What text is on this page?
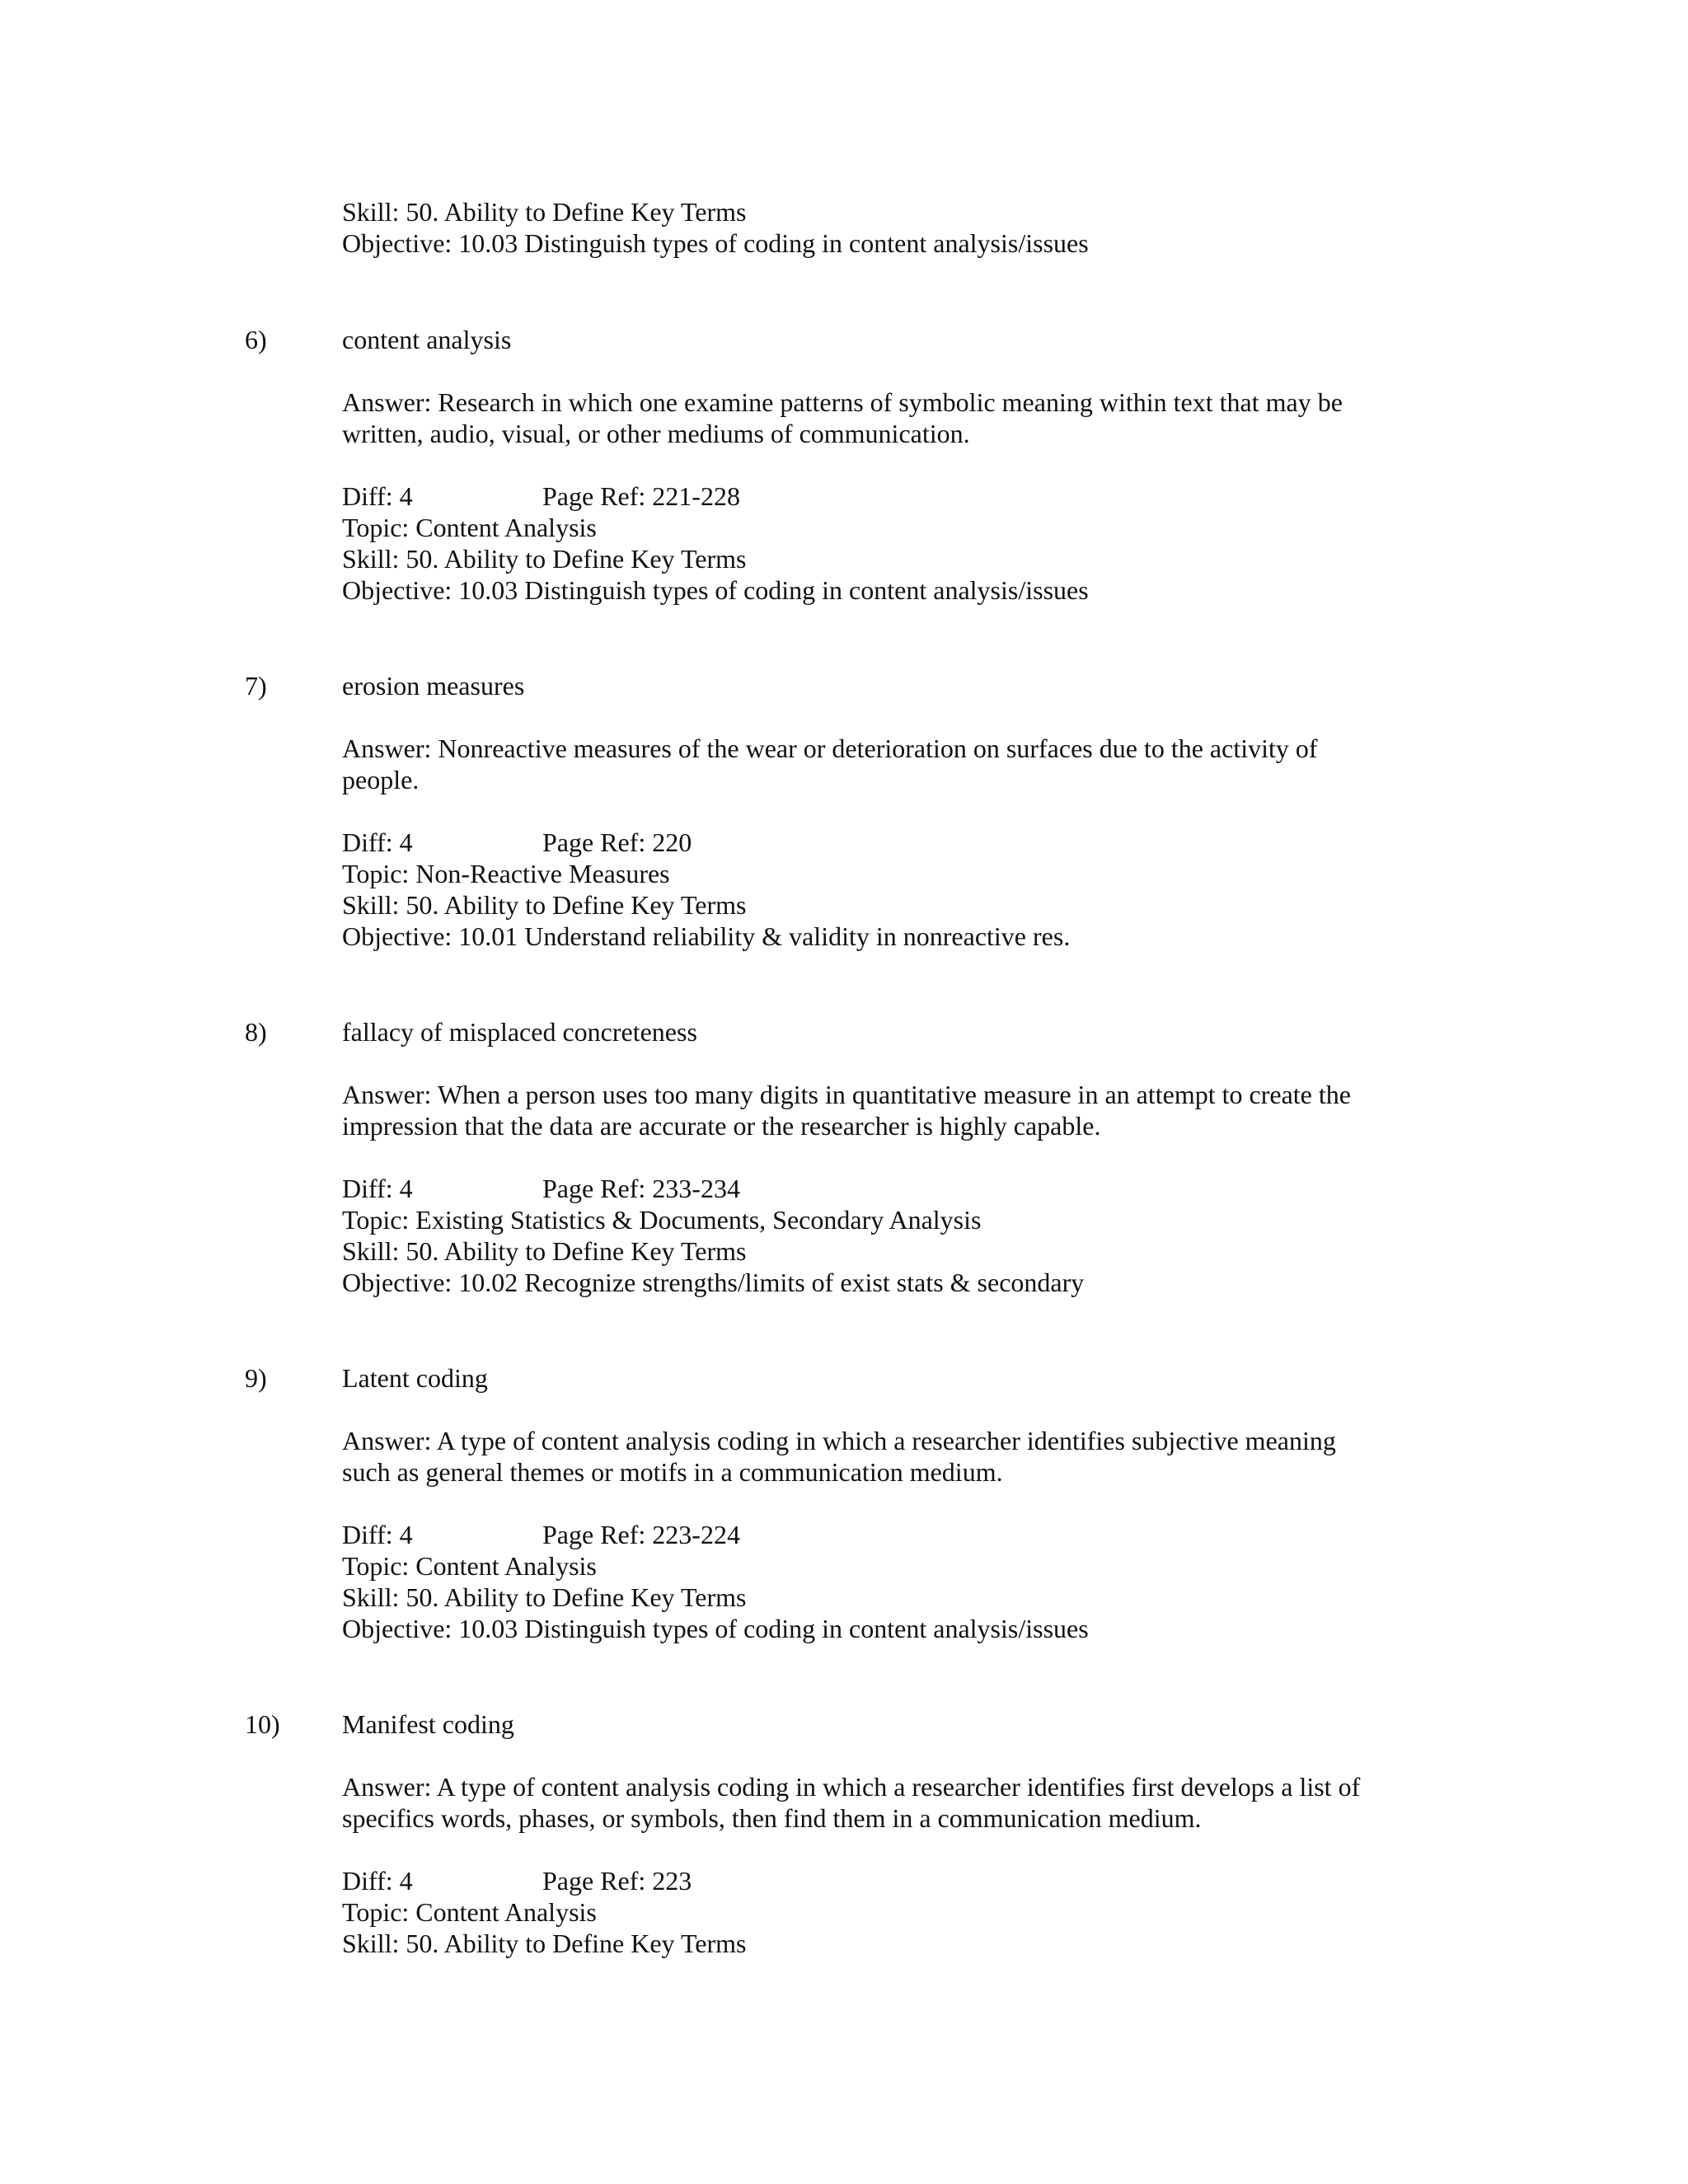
Skill: 50. Ability to Define Key Terms
Objective: 10.03 Distinguish types of coding in content analysis/issues
6)	content analysis
Answer: Research in which one examine patterns of symbolic meaning within text that may be
written, audio, visual, or other mediums of communication.
Diff: 4	Page Ref: 221-228
Topic: Content Analysis
Skill: 50. Ability to Define Key Terms
Objective: 10.03 Distinguish types of coding in content analysis/issues
7)	erosion measures
Answer: Nonreactive measures of the wear or deterioration on surfaces due to the activity of
people.
Diff: 4	Page Ref: 220
Topic: Non-Reactive Measures
Skill: 50. Ability to Define Key Terms
Objective: 10.01 Understand reliability & validity in nonreactive res.
8)	fallacy of misplaced concreteness
Answer: When a person uses too many digits in quantitative measure in an attempt to create the
impression that the data are accurate or the researcher is highly capable.
Diff: 4	Page Ref: 233-234
Topic: Existing Statistics & Documents, Secondary Analysis
Skill: 50. Ability to Define Key Terms
Objective: 10.02 Recognize strengths/limits of exist stats & secondary
9)	Latent coding
Answer: A type of content analysis coding in which a researcher identifies subjective meaning
such as general themes or motifs in a communication medium.
Diff: 4	Page Ref: 223-224
Topic: Content Analysis
Skill: 50. Ability to Define Key Terms
Objective: 10.03 Distinguish types of coding in content analysis/issues
10) Manifest coding
Answer: A type of content analysis coding in which a researcher identifies first develops a list of
specifics words, phases, or symbols, then find them in a communication medium.
Diff: 4	Page Ref: 223
Topic: Content Analysis
Skill: 50. Ability to Define Key Terms
